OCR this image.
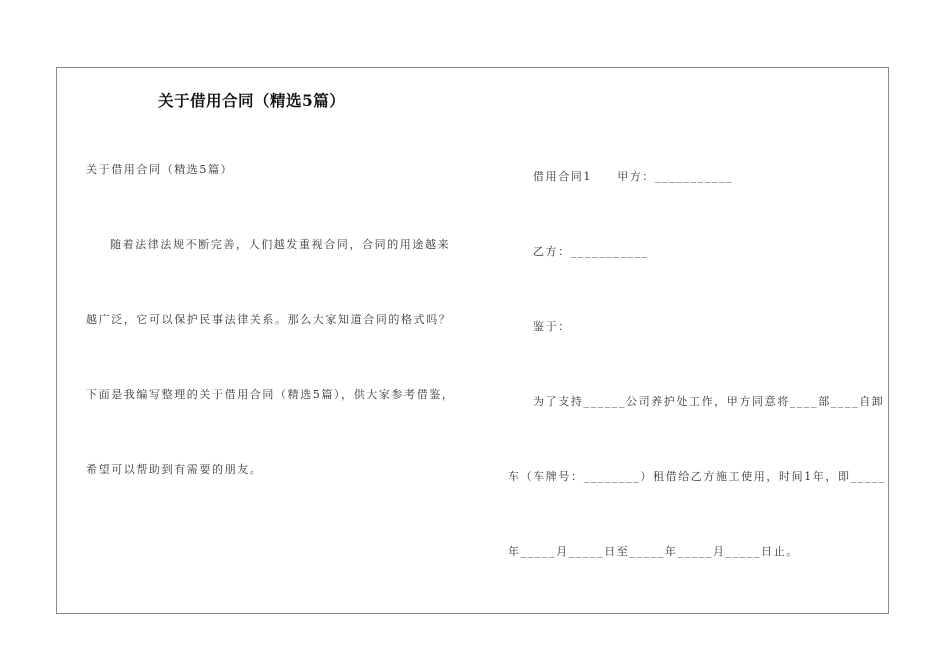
关于借用合同（精选5篇）
关于借用合同（精选5篇）
随着法律法规不断完善，人们越发重视合同，合同的用途越来
越广泛，它可以保护民事法律关系。那么大家知道合同的格式吗？
下面是我编写整理的关于借用合同（精选5篇），供大家参考借鉴，
希望可以帮助到有需要的朋友。
借用合同1　　甲方：___________
乙方：___________
鉴于：
为了支持______公司养护处工作，甲方同意将____部____自卸
车（车牌号：________）租借给乙方施工使用，时间1年，即_____
年_____月_____日至_____年_____月_____日止。
